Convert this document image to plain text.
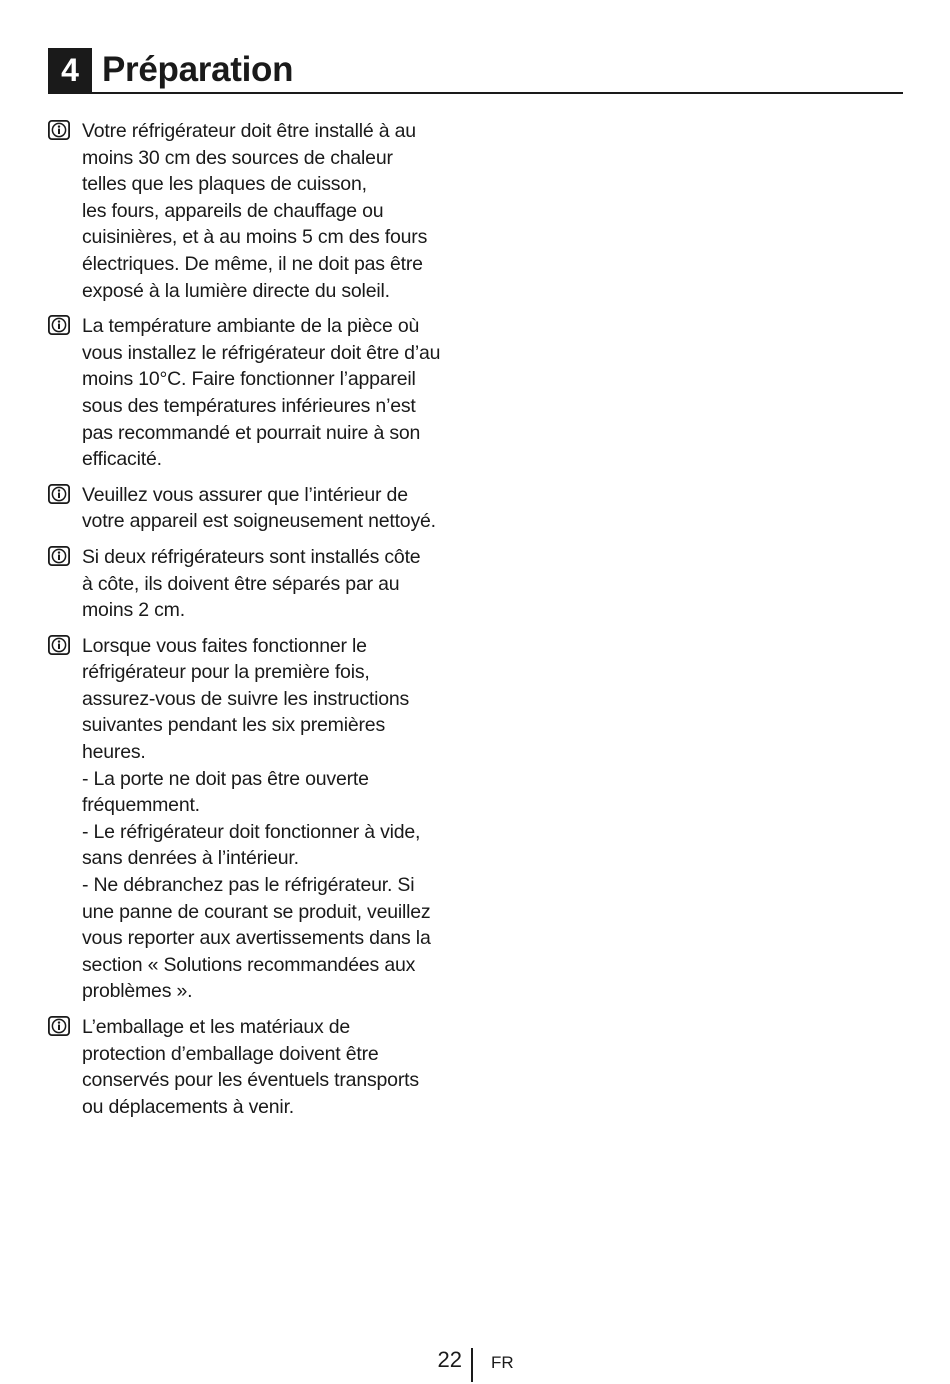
4 Préparation
Votre réfrigérateur doit être installé à au
moins 30 cm des sources de chaleur
telles que les plaques de cuisson,
les fours, appareils de chauffage ou
cuisinières, et à au moins 5 cm des fours
électriques. De même, il ne doit pas être
exposé à la lumière directe du soleil.
La température ambiante de la pièce où
vous installez le réfrigérateur doit être d’au
moins 10°C. Faire fonctionner l’appareil
sous des températures inférieures n’est
pas recommandé et pourrait nuire à son
efficacité.
Veuillez vous assurer que l’intérieur de
votre appareil est soigneusement nettoyé.
Si deux réfrigérateurs sont installés côte
à côte, ils doivent être séparés par au
moins 2 cm.
Lorsque vous faites fonctionner le
réfrigérateur pour la première fois,
assurez-vous de suivre les instructions
suivantes pendant les six premières
heures.
- La porte ne doit pas être ouverte
fréquemment.
- Le réfrigérateur doit fonctionner à vide,
sans denrées à l’intérieur.
- Ne débranchez pas le réfrigérateur. Si
une panne de courant se produit, veuillez
vous reporter aux avertissements dans la
section « Solutions recommandées aux
problèmes ».
L’emballage et les matériaux de
protection d’emballage doivent être
conservés pour les éventuels transports
ou déplacements à venir.
22 FR
